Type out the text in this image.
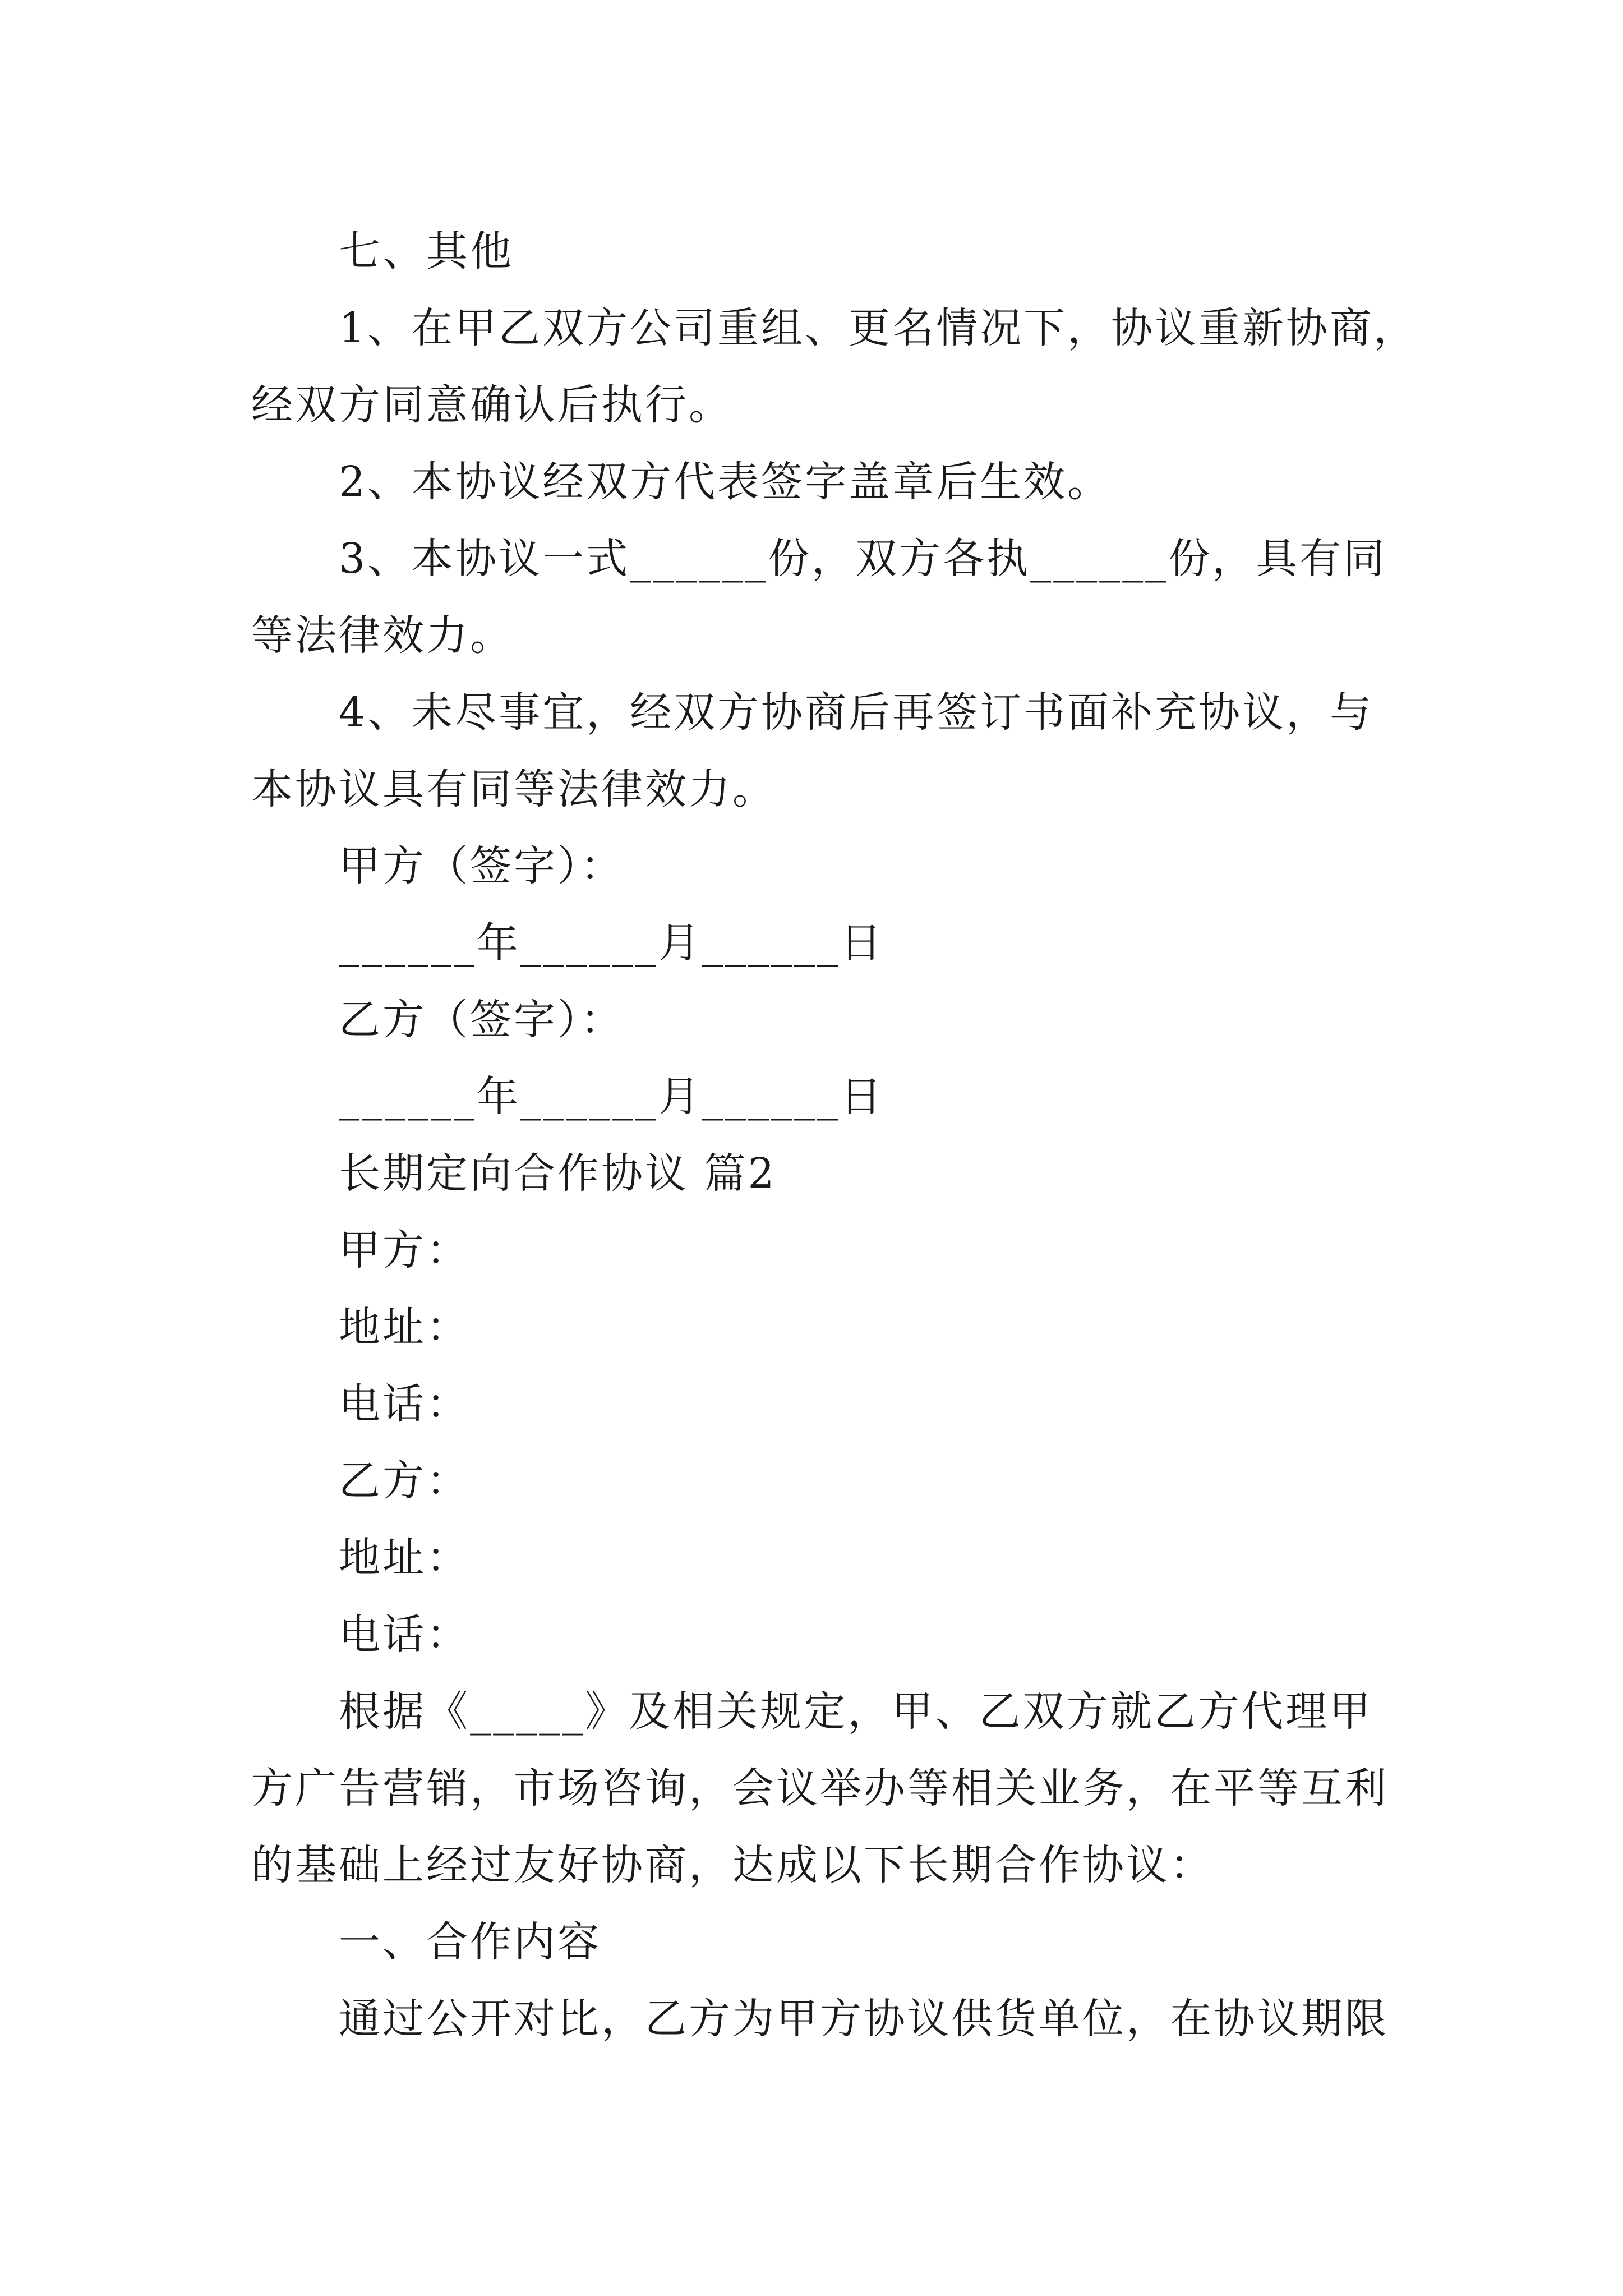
七、其他
1、在甲乙双方公司重组、更名情况下，协议重新协商，
经双方同意确认后执行。
2、本协议经双方代表签字盖章后生效。
3、本协议一式______份，双方各执______份，具有同
等法律效力。
4、未尽事宜，经双方协商后再签订书面补充协议，与
本协议具有同等法律效力。
甲方（签字）：
______年______月______日
乙方（签字）：
______年______月______日
长期定向合作协议 篇2
甲方：
地址：
电话：
乙方：
地址：
电话：
根据《_____》及相关规定，甲、乙双方就乙方代理甲
方广告营销，市场咨询，会议举办等相关业务，在平等互利
的基础上经过友好协商，达成以下长期合作协议：
一、合作内容
通过公开对比，乙方为甲方协议供货单位，在协议期限
